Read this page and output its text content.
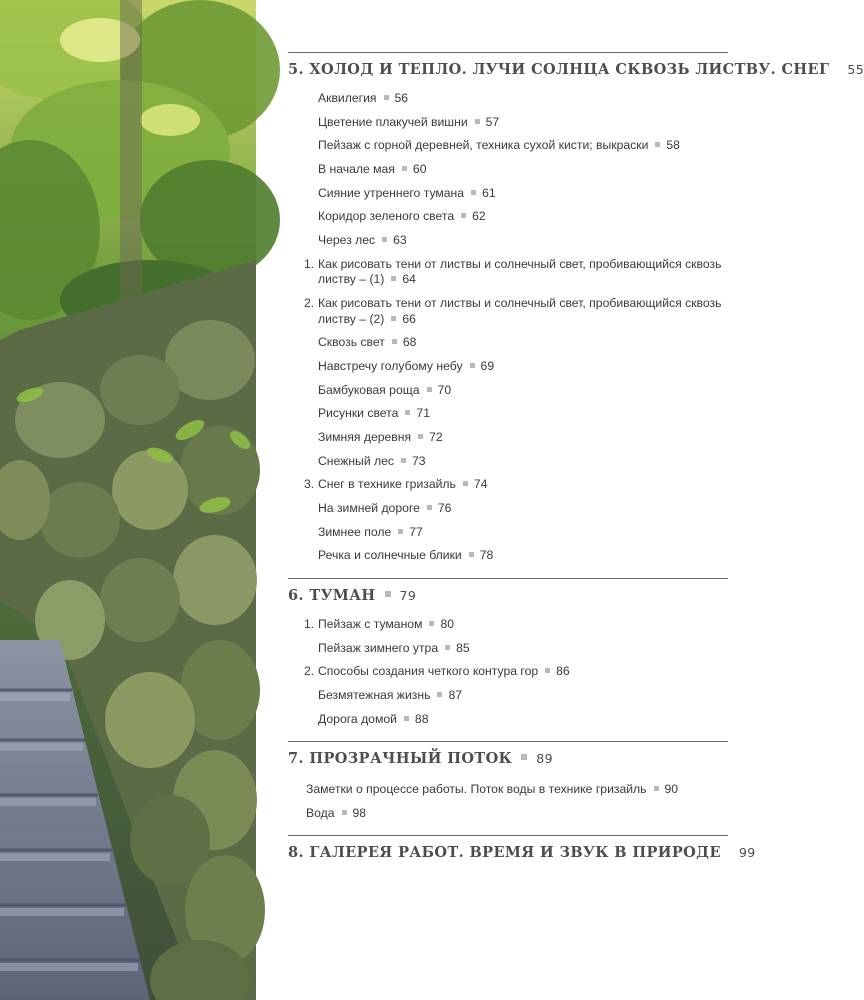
5. ХОЛОД И ТЕПЛО. ЛУЧИ СОЛНЦА СКВОЗЬ ЛИСТВУ. СНЕГ 55
Аквилегия 56
Цветение плакучей вишни 57
Пейзаж с горной деревней, техника сухой кисти; выкраски 58
В начале мая 60
Сияние утреннего тумана 61
Коридор зеленого света 62
Через лес 63
1. Как рисовать тени от листвы и солнечный свет, пробивающийся сквозь листву – (1) 64
2. Как рисовать тени от листвы и солнечный свет, пробивающийся сквозь листву – (2) 66
Сквозь свет 68
Навстречу голубому небу 69
Бамбуковая роща 70
Рисунки света 71
Зимняя деревня 72
Снежный лес 73
3. Снег в технике гризайль 74
На зимней дороге 76
Зимнее поле 77
Речка и солнечные блики 78
6. ТУМАН 79
1. Пейзаж с туманом 80
Пейзаж зимнего утра 85
2. Способы создания четкого контура гор 86
Безмятежная жизнь 87
Дорога домой 88
7. ПРОЗРАЧНЫЙ ПОТОК 89
Заметки о процессе работы. Поток воды в технике гризайль 90
Вода 98
8. ГАЛЕРЕЯ РАБОТ. ВРЕМЯ И ЗВУК В ПРИРОДЕ 99
